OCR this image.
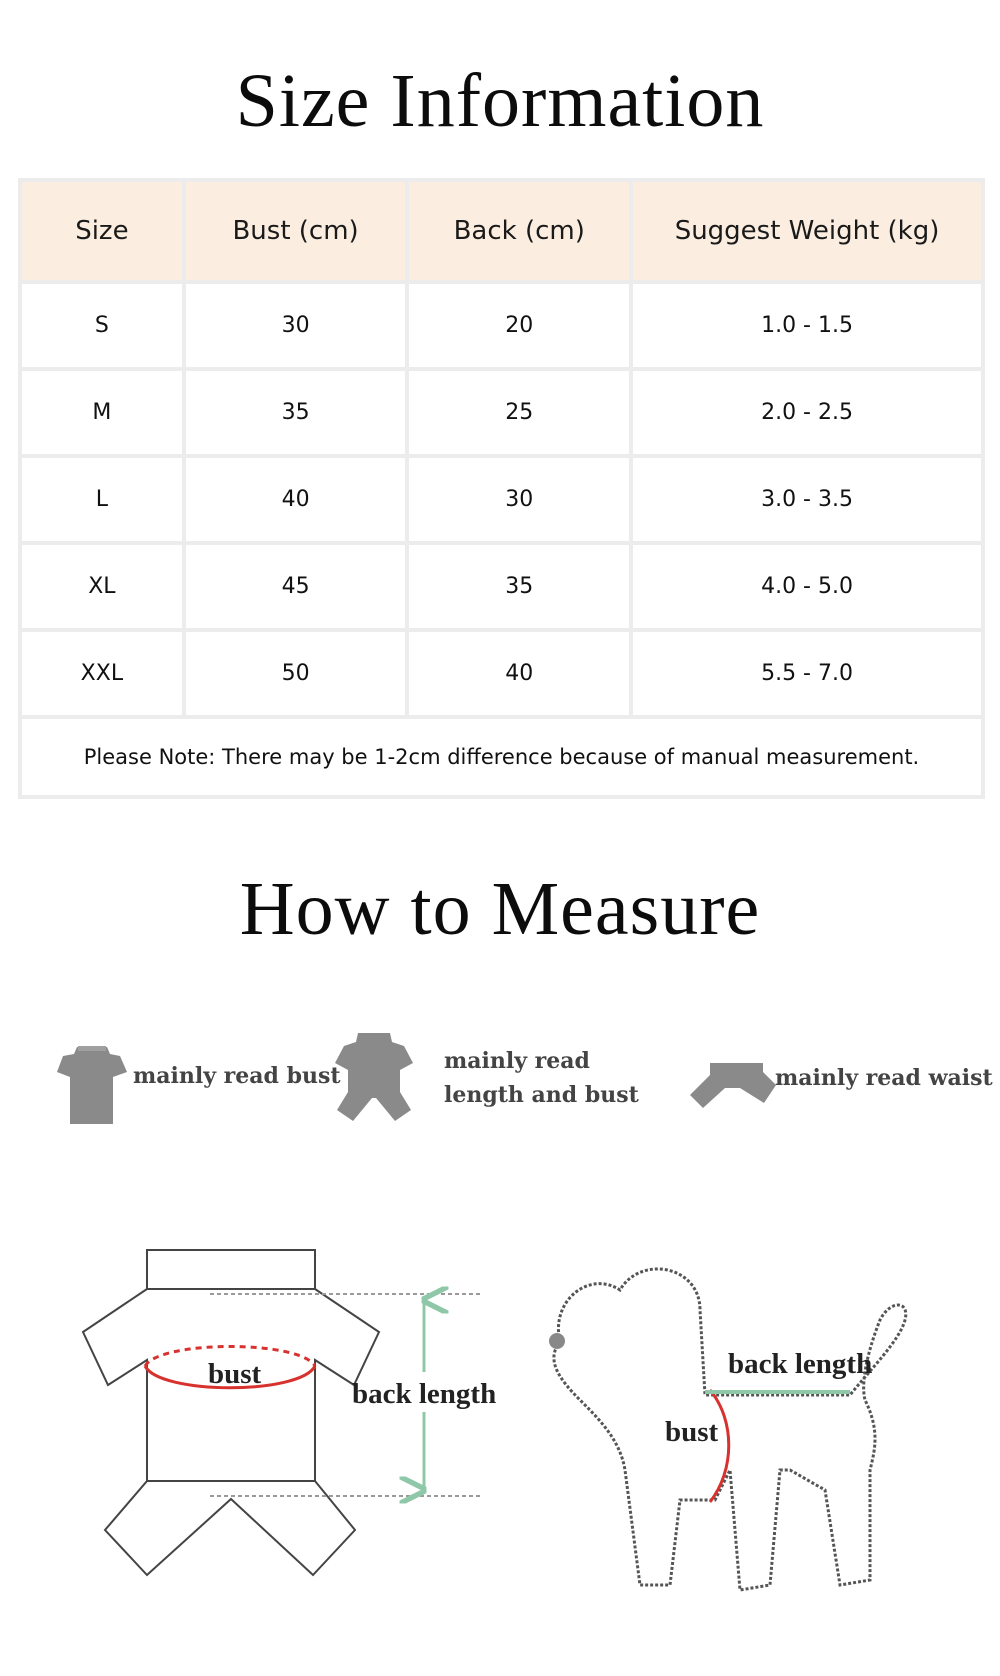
Size Information
Size	Bust (cm)	Back (cm)	Suggest Weight (kg)
S	30	20	1.0 - 1.5
M	35	25	2.0 - 2.5
L	40	30	3.0 - 3.5
XL	45	35	4.0 - 5.0
XXL	50	40	5.5 - 7.0
Please Note: There may be 1-2cm difference because of manual measurement.			
How to Measure
mainly read bust
mainly read
length and bust
mainly read waist
bust
back length
back length
bust
